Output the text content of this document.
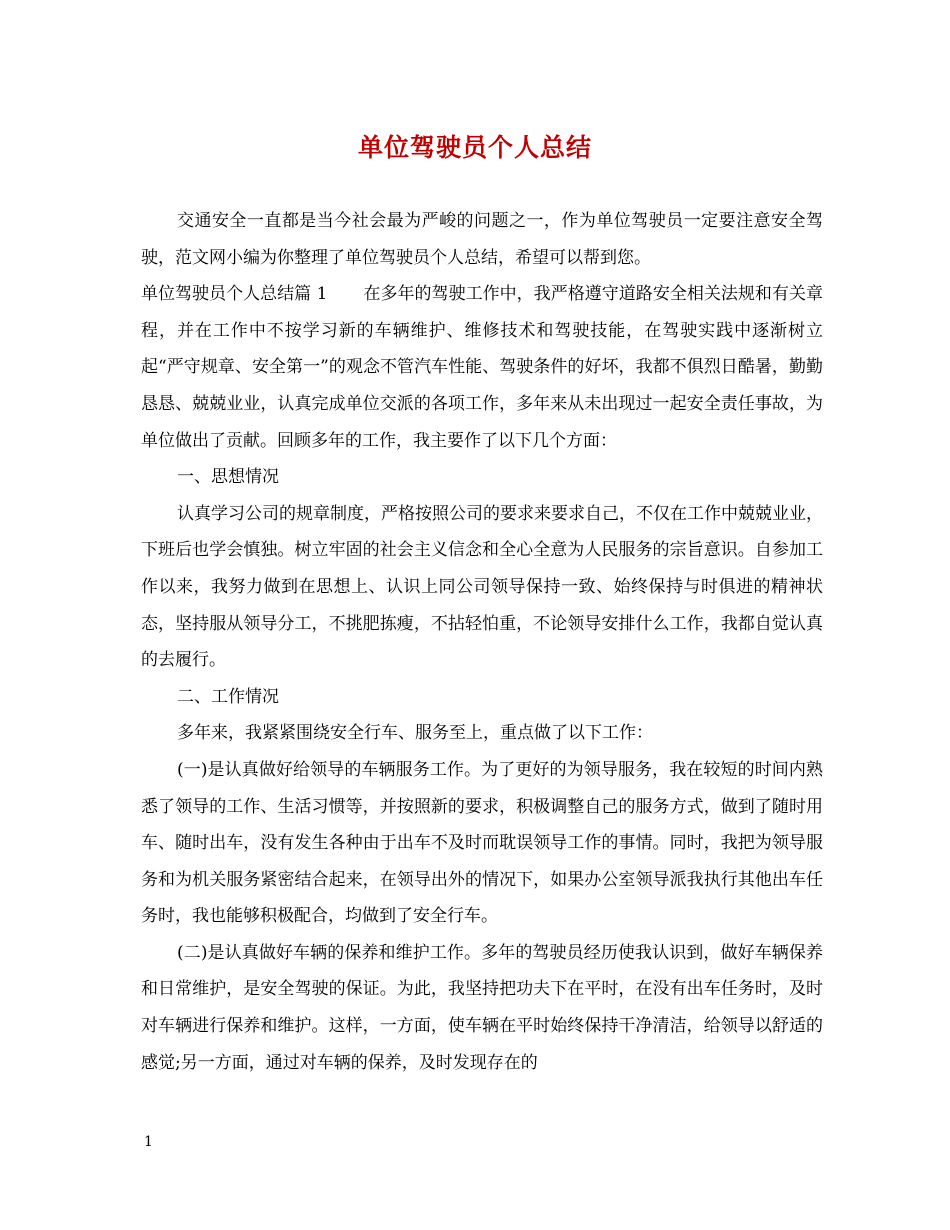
单位驾驶员个人总结

交通安全一直都是当今社会最为严峻的问题之一，作为单位驾驶员一定要注意安全驾驶，范文网小编为你整理了单位驾驶员个人总结，希望可以帮到您。

单位驾驶员个人总结篇 1 在多年的驾驶工作中，我严格遵守道路安全相关法规和有关章程，并在工作中不按学习新的车辆维护、维修技术和驾驶技能，在驾驶实践中逐渐树立起“严守规章、安全第一”的观念不管汽车性能、驾驶条件的好坏，我都不俱烈日酷暑，勤勤恳恳、兢兢业业，认真完成单位交派的各项工作，多年来从未出现过一起安全责任事故，为单位做出了贡献。回顾多年的工作，我主要作了以下几个方面：

一、思想情况

认真学习公司的规章制度，严格按照公司的要求来要求自己，不仅在工作中兢兢业业，下班后也学会慎独。树立牢固的社会主义信念和全心全意为人民服务的宗旨意识。自参加工作以来，我努力做到在思想上、认识上同公司领导保持一致、始终保持与时俱进的精神状态，坚持服从领导分工，不挑肥拣瘦，不拈轻怕重，不论领导安排什么工作，我都自觉认真的去履行。

二、工作情况

多年来，我紧紧围绕安全行车、服务至上，重点做了以下工作：

(一)是认真做好给领导的车辆服务工作。为了更好的为领导服务，我在较短的时间内熟悉了领导的工作、生活习惯等，并按照新的要求，积极调整自己的服务方式，做到了随时用车、随时出车，没有发生各种由于出车不及时而耽误领导工作的事情。同时，我把为领导服务和为机关服务紧密结合起来，在领导出外的情况下，如果办公室领导派我执行其他出车任务时，我也能够积极配合，均做到了安全行车。

(二)是认真做好车辆的保养和维护工作。多年的驾驶员经历使我认识到，做好车辆保养和日常维护，是安全驾驶的保证。为此，我坚持把功夫下在平时，在没有出车任务时，及时对车辆进行保养和维护。这样，一方面，使车辆在平时始终保持干净清洁，给领导以舒适的感觉;另一方面，通过对车辆的保养，及时发现存在的

1
